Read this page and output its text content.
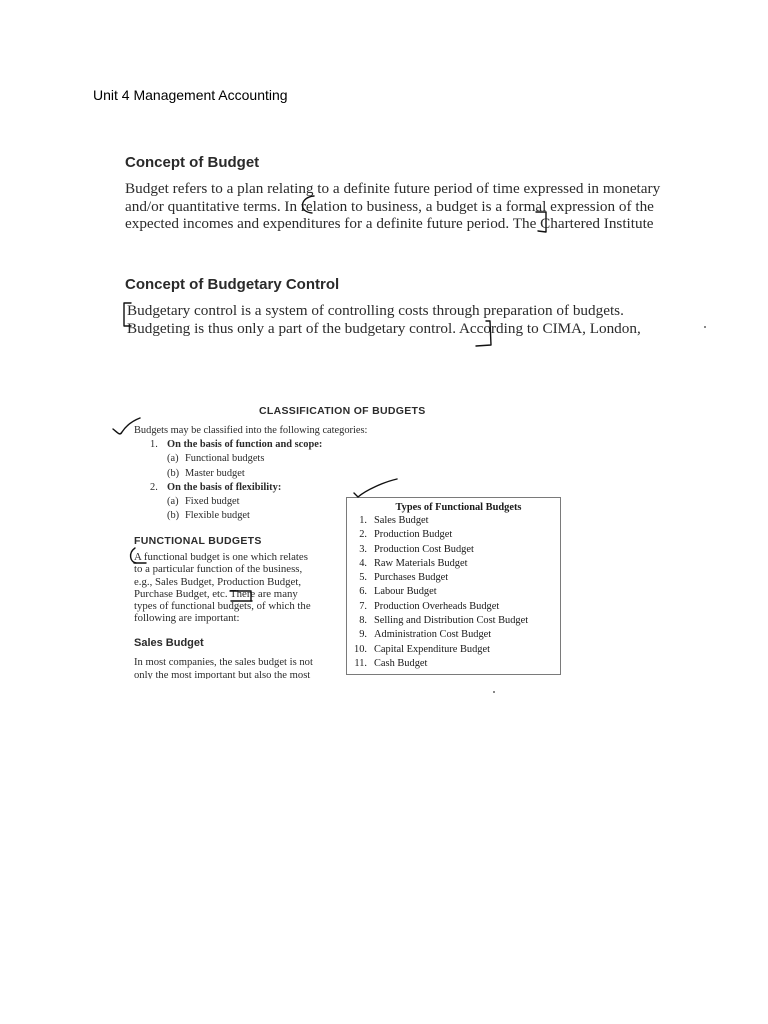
Unit 4 Management Accounting
Concept of Budget
Budget refers to a plan relating to a definite future period of time expressed in monetary
and/or quantitative terms. In relation to business, a budget is a formal expression of the
expected incomes and expenditures for a definite future period. The Chartered Institute
Concept of Budgetary Control
Budgetary control is a system of controlling costs through preparation of budgets.
Budgeting is thus only a part of the budgetary control. According to CIMA, London,
CLASSIFICATION OF BUDGETS
Budgets may be classified into the following categories:
1. On the basis of function and scope:
(a) Functional budgets
(b) Master budget
2. On the basis of flexibility:
(a) Fixed budget
(b) Flexible budget
FUNCTIONAL BUDGETS
A functional budget is one which relates
to a particular function of the business,
e.g., Sales Budget, Production Budget,
Purchase Budget, etc. There are many
types of functional budgets, of which the
following are important:
Sales Budget
In most companies, the sales budget is not
only the most important but also the most
Types of Functional Budgets
1. Sales Budget
2. Production Budget
3. Production Cost Budget
4. Raw Materials Budget
5. Purchases Budget
6. Labour Budget
7. Production Overheads Budget
8. Selling and Distribution Cost Budget
9. Administration Cost Budget
10. Capital Expenditure Budget
11. Cash Budget
